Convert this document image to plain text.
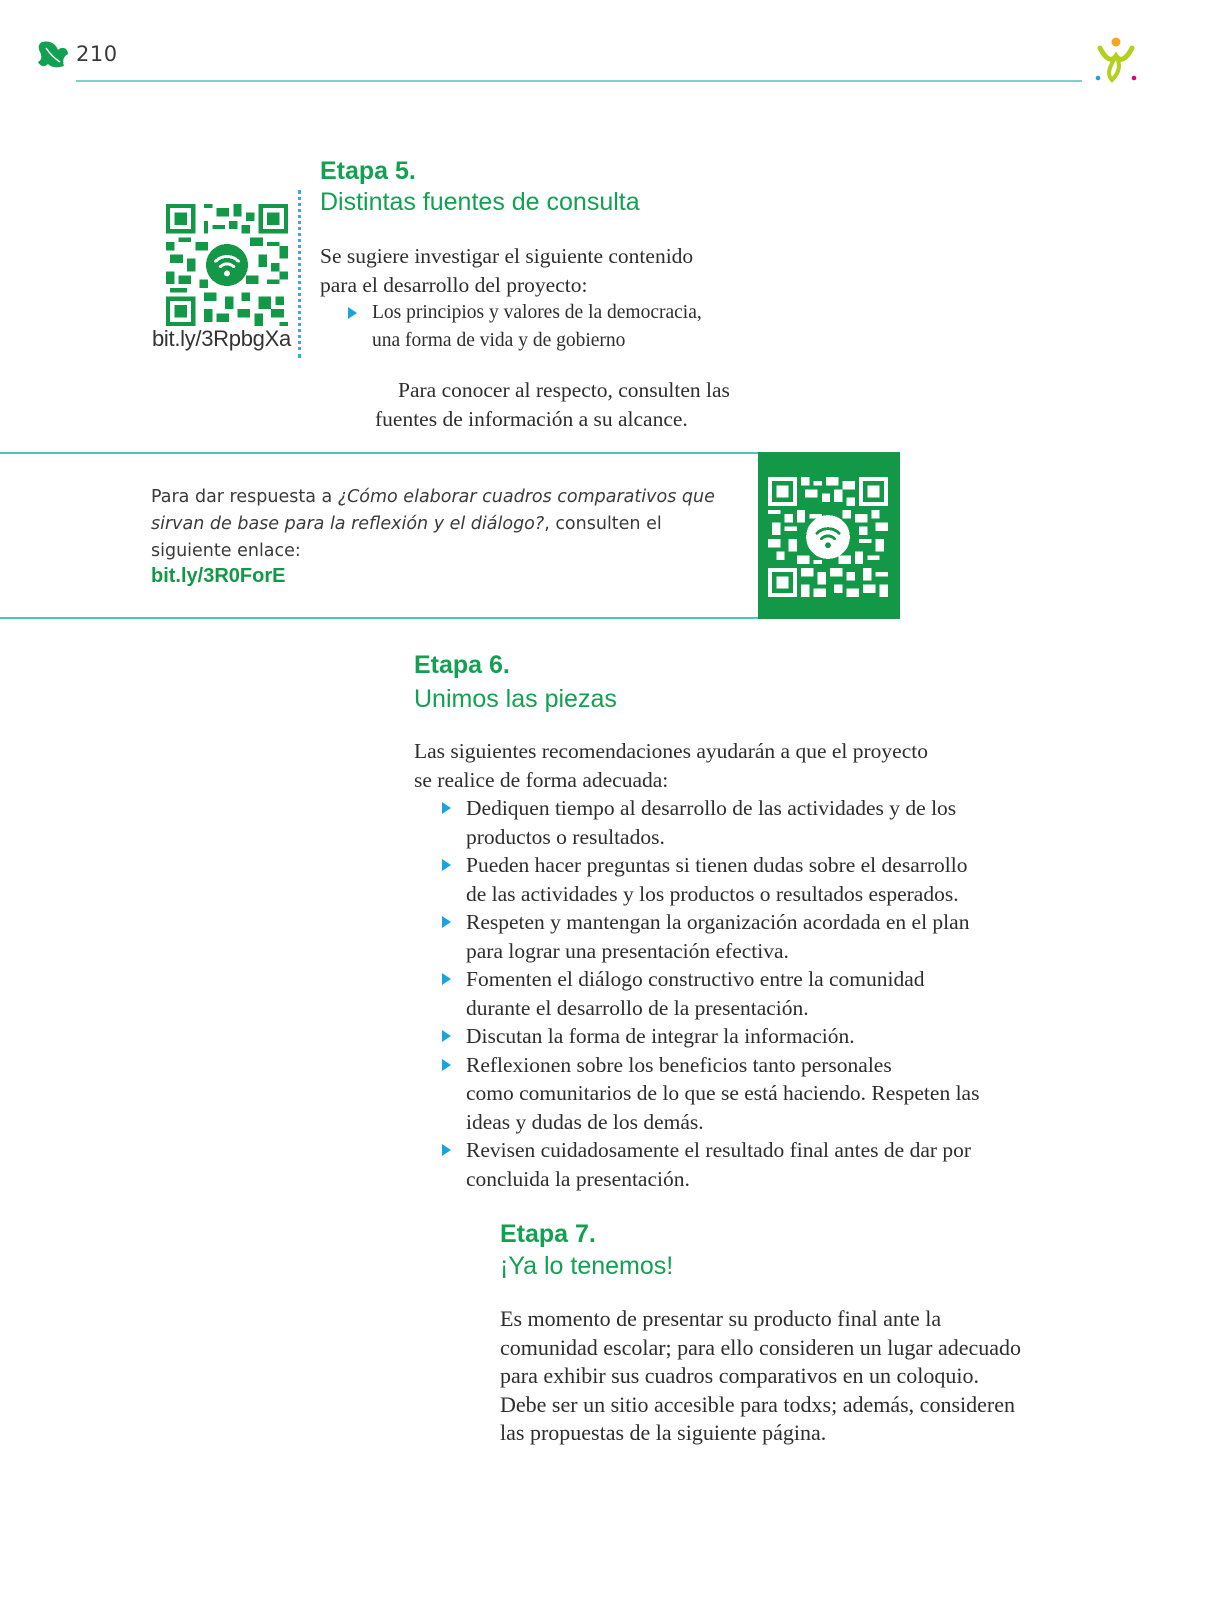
210
Etapa 5.
Distintas fuentes de consulta
bit.ly/3RpbgXa
Se sugiere investigar el siguiente contenido
para el desarrollo del proyecto:
Los principios y valores de la democracia,
una forma de vida y de gobierno
Para conocer al respecto, consulten las
fuentes de información a su alcance.
Para dar respuesta a ¿Cómo elaborar cuadros comparativos que sirvan de base para la reflexión y el diálogo?, consulten el siguiente enlace:
bit.ly/3R0ForE
Etapa 6.
Unimos las piezas
Las siguientes recomendaciones ayudarán a que el proyecto
se realice de forma adecuada:
Dediquen tiempo al desarrollo de las actividades y de los
productos o resultados.
Pueden hacer preguntas si tienen dudas sobre el desarrollo
de las actividades y los productos o resultados esperados.
Respeten y mantengan la organización acordada en el plan
para lograr una presentación efectiva.
Fomenten el diálogo constructivo entre la comunidad
durante el desarrollo de la presentación.
Discutan la forma de integrar la información.
Reflexionen sobre los beneficios tanto personales
como comunitarios de lo que se está haciendo. Respeten las
ideas y dudas de los demás.
Revisen cuidadosamente el resultado final antes de dar por
concluida la presentación.
Etapa 7.
¡Ya lo tenemos!
Es momento de presentar su producto final ante la
comunidad escolar; para ello consideren un lugar adecuado
para exhibir sus cuadros comparativos en un coloquio.
Debe ser un sitio accesible para todxs; además, consideren
las propuestas de la siguiente página.
